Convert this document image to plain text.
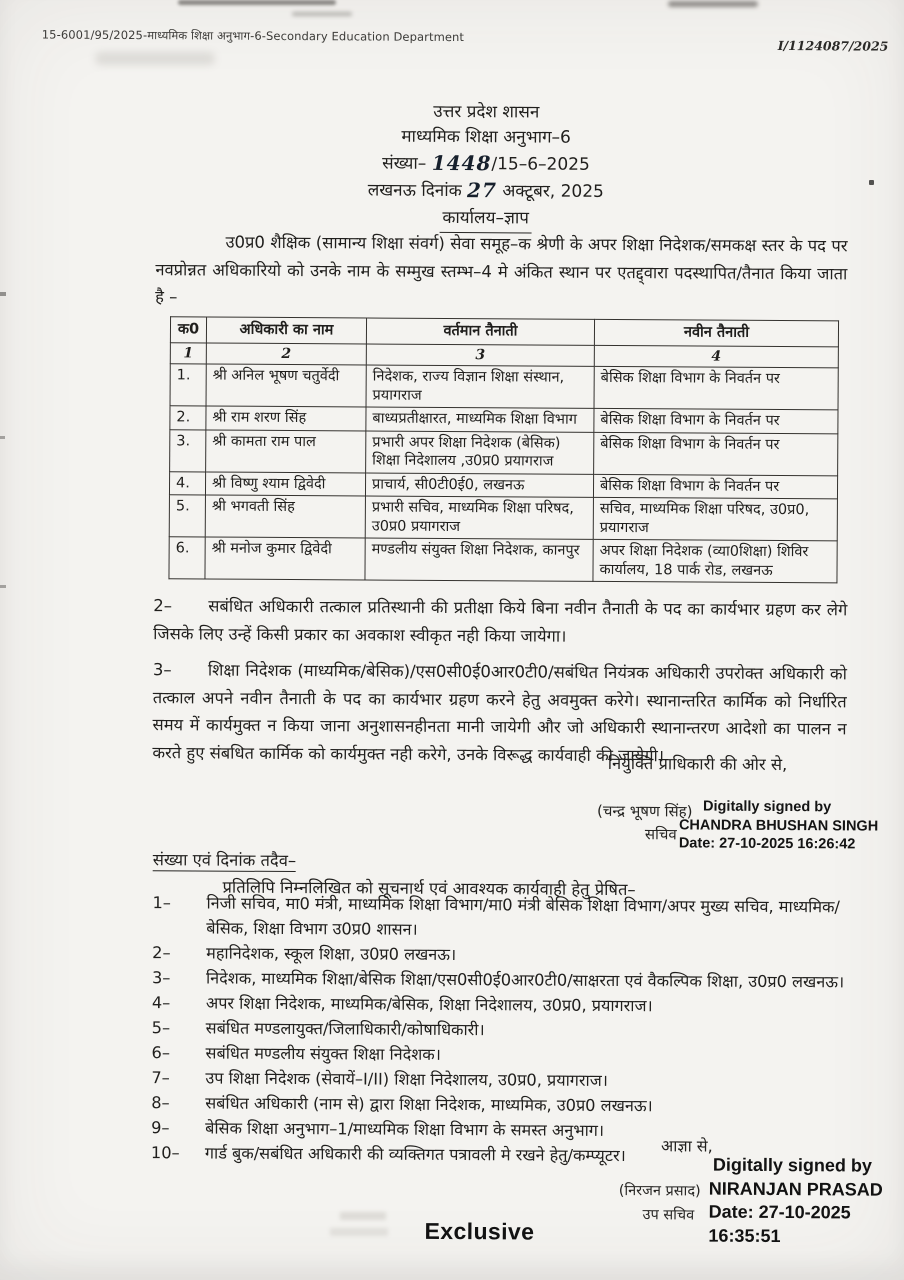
15-6001/95/2025-माध्यमिक शिक्षा अनुभाग-6-Secondary Education Department
I/1124087/2025
उत्तर प्रदेश शासन
माध्यमिक शिक्षा अनुभाग–6
संख्या– 1448/15–6–2025
लखनऊ दिनांक 27 अक्टूबर, 2025
कार्यालय–ज्ञाप
उ0प्र0 शैक्षिक (सामान्य शिक्षा संवर्ग) सेवा समूह–क श्रेणी के अपर शिक्षा निदेशक/समकक्ष स्तर के पद पर नवप्रोन्नत अधिकारियो को उनके नाम के सम्मुख स्तम्भ–4 मे अंकित स्थान पर एतद्द्वारा पदस्थापित/तैनात किया जाता है –
क0	अधिकारी का नाम	वर्तमान तैनाती	नवीन तैनाती
1	2	3	4
1.	श्री अनिल भूषण चतुर्वेदी	निदेशक, राज्य विज्ञान शिक्षा संस्थान, प्रयागराज	बेसिक शिक्षा विभाग के निवर्तन पर
2.	श्री राम शरण सिंह	बाध्यप्रतीक्षारत, माध्यमिक शिक्षा विभाग	बेसिक शिक्षा विभाग के निवर्तन पर
3.	श्री कामता राम पाल	प्रभारी अपर शिक्षा निदेशक (बेसिक) शिक्षा निदेशालय ,उ0प्र0 प्रयागराज	बेसिक शिक्षा विभाग के निवर्तन पर
4.	श्री विष्णु श्याम द्विवेदी	प्राचार्य, सी0टी0ई0, लखनऊ	बेसिक शिक्षा विभाग के निवर्तन पर
5.	श्री भगवती सिंह	प्रभारी सचिव, माध्यमिक शिक्षा परिषद, उ0प्र0 प्रयागराज	सचिव, माध्यमिक शिक्षा परिषद, उ0प्र0, प्रयागराज
6.	श्री मनोज कुमार द्विवेदी	मण्डलीय संयुक्त शिक्षा निदेशक, कानपुर	अपर शिक्षा निदेशक (व्या0शिक्षा) शिविर कार्यालय, 18 पार्क रोड, लखनऊ
2– सबंधित अधिकारी तत्काल प्रतिस्थानी की प्रतीक्षा किये बिना नवीन तैनाती के पद का कार्यभार ग्रहण कर लेगे जिसके लिए उन्हें किसी प्रकार का अवकाश स्वीकृत नही किया जायेगा।
3– शिक्षा निदेशक (माध्यमिक/बेसिक)/एस0सी0ई0आर0टी0/सबंधित नियंत्रक अधिकारी उपरोक्त अधिकारी को तत्काल अपने नवीन तैनाती के पद का कार्यभार ग्रहण करने हेतु अवमुक्त करेगे। स्थानान्तरित कार्मिक को निर्धारित समय में कार्यमुक्त न किया जाना अनुशासनहीनता मानी जायेगी और जो अधिकारी स्थानान्तरण आदेशो का पालन न करते हुए संबधित कार्मिक को कार्यमुक्त नही करेगे, उनके विरूद्ध कार्यवाही की जायेगी।
नियुक्ति प्राधिकारी की ओर से,
(चन्द्र भूषण सिंह)
सचिव
Digitally signed by
CHANDRA BHUSHAN SINGH
Date: 27-10-2025 16:26:42
संख्या एवं दिनांक तदैव–
प्रतिलिपि निम्नलिखित को सूचनार्थ एवं आवश्यक कार्यवाही हेतु प्रेषित–
1–	निजी सचिव, मा0 मंत्री, माध्यमिक शिक्षा विभाग/मा0 मंत्री बेसिक शिक्षा विभाग/अपर मुख्य सचिव, माध्यमिक/बेसिक, शिक्षा विभाग उ0प्र0 शासन।
2–	महानिदेशक, स्कूल शिक्षा, उ0प्र0 लखनऊ।
3–	निदेशक, माध्यमिक शिक्षा/बेसिक शिक्षा/एस0सी0ई0आर0टी0/साक्षरता एवं वैकल्पिक शिक्षा, उ0प्र0 लखनऊ।
4–	अपर शिक्षा निदेशक, माध्यमिक/बेसिक, शिक्षा निदेशालय, उ0प्र0, प्रयागराज।
5–	सबंधित मण्डलायुक्त/जिलाधिकारी/कोषाधिकारी।
6–	सबंधित मण्डलीय संयुक्त शिक्षा निदेशक।
7–	उप शिक्षा निदेशक (सेवायें–I/II) शिक्षा निदेशालय, उ0प्र0, प्रयागराज।
8–	सबंधित अधिकारी (नाम से) द्वारा शिक्षा निदेशक, माध्यमिक, उ0प्र0 लखनऊ।
9–	बेसिक शिक्षा अनुभाग–1/माध्यमिक शिक्षा विभाग के समस्त अनुभाग।
10–	गार्ड बुक/सबंधित अधिकारी की व्यक्तिगत पत्रावली मे रखने हेतु/कम्प्यूटर।	आज्ञा से,
(निरजन प्रसाद)
उप सचिव
Digitally signed by
NIRANJAN PRASAD
Date: 27-10-2025
16:35:51
Exclusive
